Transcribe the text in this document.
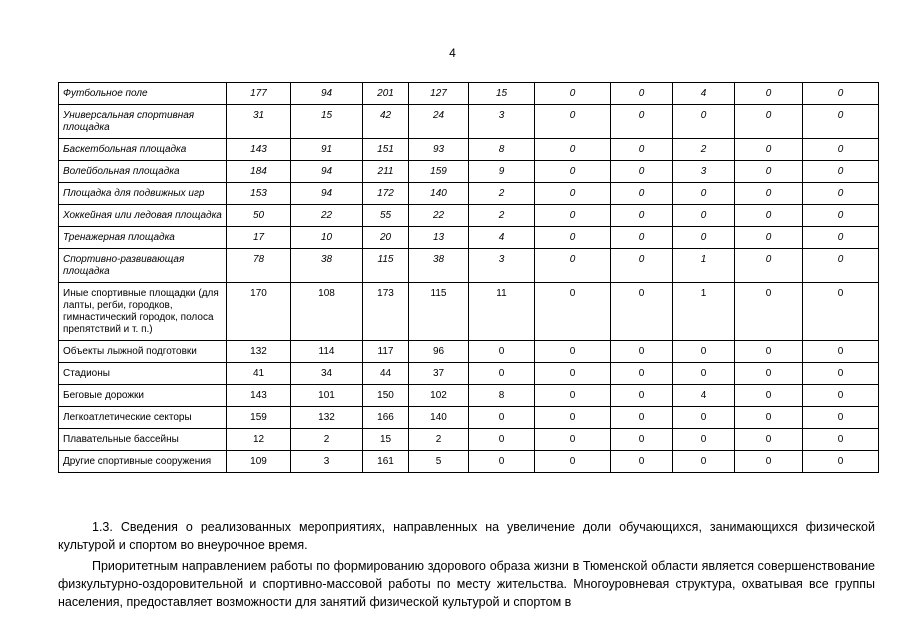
4
Футбольное поле	177	94	201	127	15	0	0	4	0	0
Универсальная спортивная площадка	31	15	42	24	3	0	0	0	0	0
Баскетбольная площадка	143	91	151	93	8	0	0	2	0	0
Волейбольная площадка	184	94	211	159	9	0	0	3	0	0
Площадка для подвижных игр	153	94	172	140	2	0	0	0	0	0
Хоккейная или ледовая площадка	50	22	55	22	2	0	0	0	0	0
Тренажерная площадка	17	10	20	13	4	0	0	0	0	0
Спортивно-развивающая площадка	78	38	115	38	3	0	0	1	0	0
Иные спортивные площадки (для лапты, регби, городков, гимнастический городок, полоса препятствий и т. п.)	170	108	173	115	11	0	0	1	0	0
Объекты лыжной подготовки	132	114	117	96	0	0	0	0	0	0
Стадионы	41	34	44	37	0	0	0	0	0	0
Беговые дорожки	143	101	150	102	8	0	0	4	0	0
Легкоатлетические секторы	159	132	166	140	0	0	0	0	0	0
Плавательные бассейны	12	2	15	2	0	0	0	0	0	0
Другие спортивные сооружения	109	3	161	5	0	0	0	0	0	0
1.3. Сведения о реализованных мероприятиях, направленных на увеличение доли обучающихся, занимающихся физической культурой и спортом во внеурочное время.
Приоритетным направлением работы по формированию здорового образа жизни в Тюменской области является совершенствование физкультурно-оздоровительной и спортивно-массовой работы по месту жительства. Многоуровневая структура, охватывая все группы населения, предоставляет возможности для занятий физической культурой и спортом в
